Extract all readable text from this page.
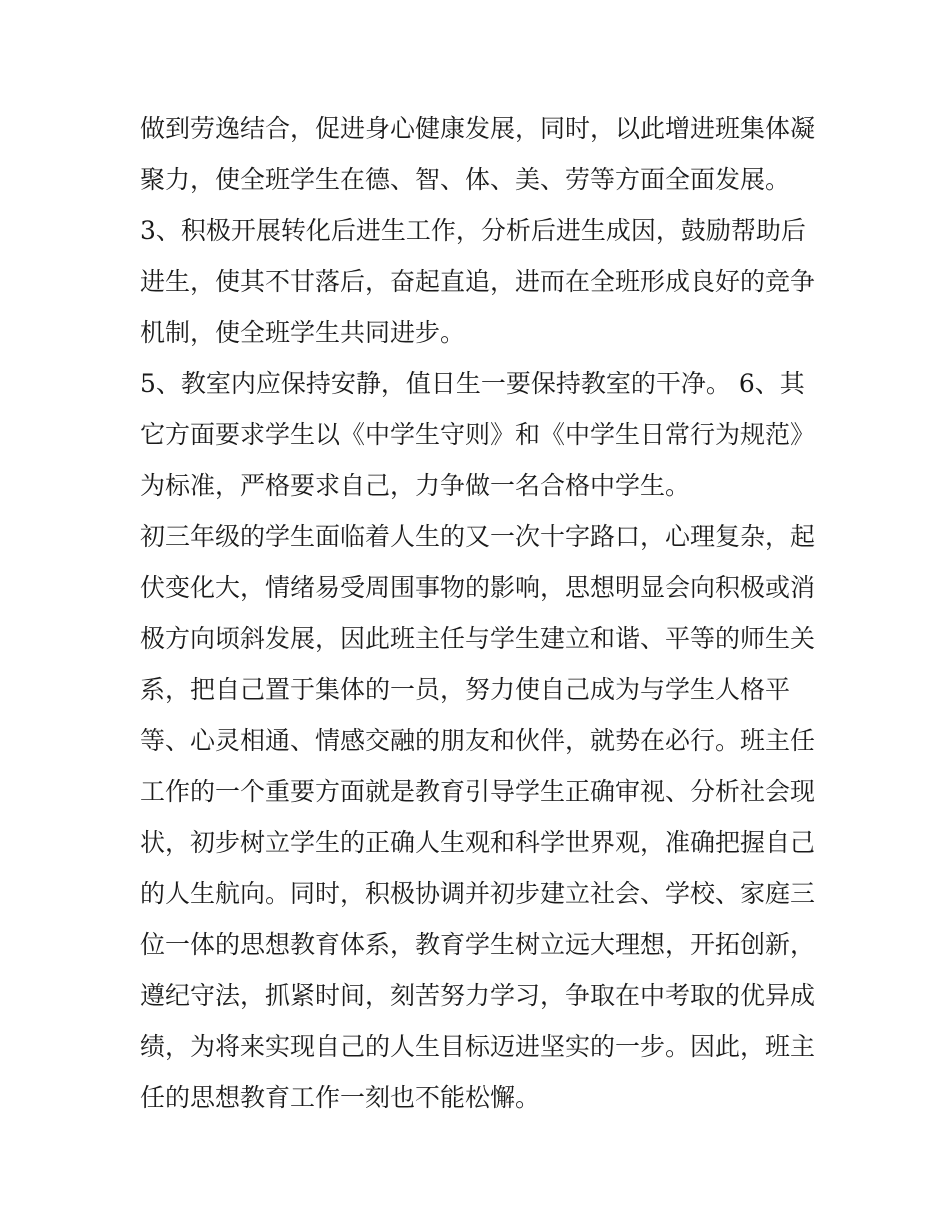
做到劳逸结合，促进身心健康发展，同时，以此增进班集体凝
聚力，使全班学生在德、智、体、美、劳等方面全面发展。
3、积极开展转化后进生工作，分析后进生成因，鼓励帮助后
进生，使其不甘落后，奋起直追，进而在全班形成良好的竞争
机制，使全班学生共同进步。
5、教室内应保持安静，值日生一要保持教室的干净。 6、其
它方面要求学生以《中学生守则》和《中学生日常行为规范》
为标准，严格要求自己，力争做一名合格中学生。
初三年级的学生面临着人生的又一次十字路口，心理复杂，起
伏变化大，情绪易受周围事物的影响，思想明显会向积极或消
极方向顷斜发展，因此班主任与学生建立和谐、平等的师生关
系，把自己置于集体的一员，努力使自己成为与学生人格平
等、心灵相通、情感交融的朋友和伙伴，就势在必行。班主任
工作的一个重要方面就是教育引导学生正确审视、分析社会现
状，初步树立学生的正确人生观和科学世界观，准确把握自己
的人生航向。同时，积极协调并初步建立社会、学校、家庭三
位一体的思想教育体系，教育学生树立远大理想，开拓创新，
遵纪守法，抓紧时间，刻苦努力学习，争取在中考取的优异成
绩，为将来实现自己的人生目标迈进坚实的一步。因此，班主
任的思想教育工作一刻也不能松懈。
